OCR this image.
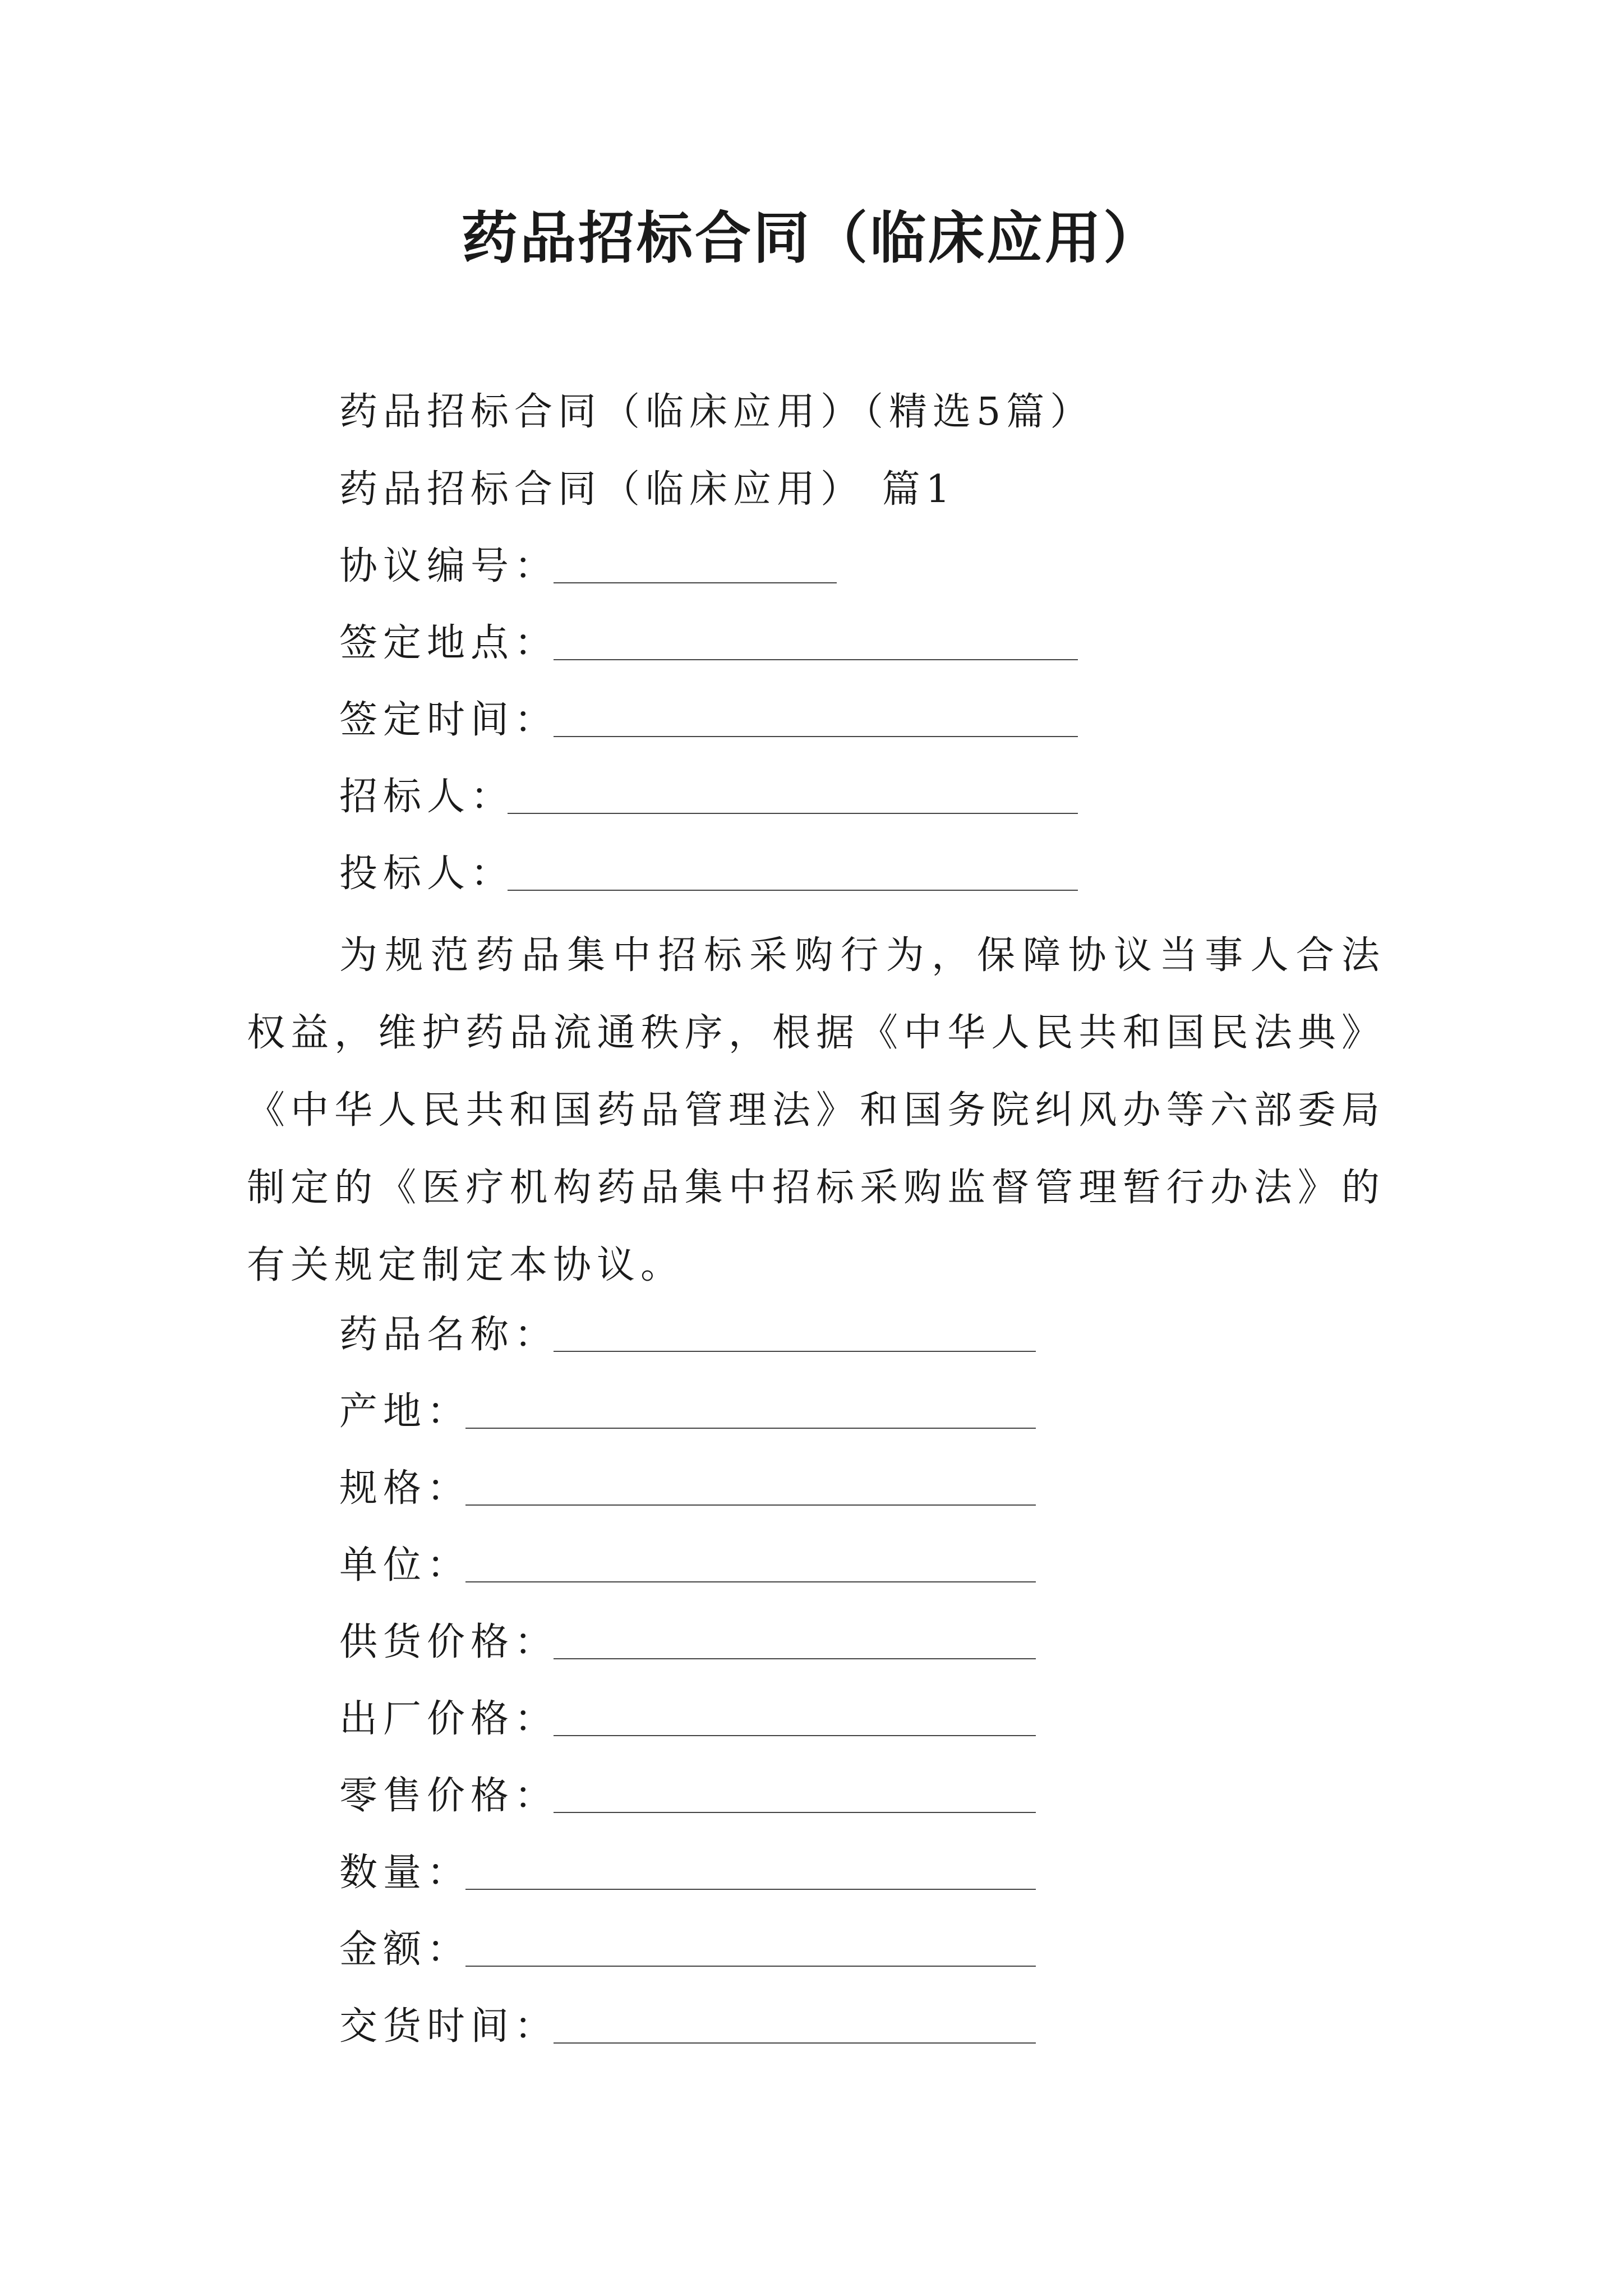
药品招标合同（临床应用）
药品招标合同（临床应用）（精选5篇）
药品招标合同（临床应用） 篇1
协议编号：
签定地点：
签定时间：
招标人：
投标人：
为规范药品集中招标采购行为，保障协议当事人合法权益，维护药品流通秩序，根据《中华人民共和国民法典》《中华人民共和国药品管理法》和国务院纠风办等六部委局制定的《医疗机构药品集中招标采购监督管理暂行办法》的有关规定制定本协议。
药品名称：
产地：
规格：
单位：
供货价格：
出厂价格：
零售价格：
数量：
金额：
交货时间：
